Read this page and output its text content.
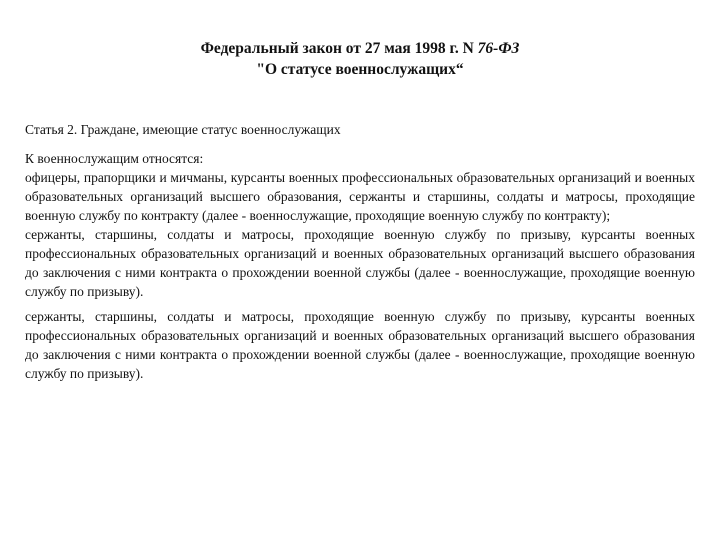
Федеральный закон от 27 мая 1998 г. N 76-ФЗ
"О статусе военнослужащих“
Статья 2. Граждане, имеющие статус военнослужащих

К военнослужащим относятся:

офицеры, прапорщики и мичманы, курсанты военных профессиональных образовательных организаций и военных образовательных организаций высшего образования, сержанты и старшины, солдаты и матросы, проходящие военную службу по контракту (далее - военнослужащие, проходящие военную службу по контракту);

сержанты, старшины, солдаты и матросы, проходящие военную службу по призыву, курсанты военных профессиональных образовательных организаций и военных образовательных организаций высшего образования до заключения с ними контракта о прохождении военной службы (далее - военнослужащие, проходящие военную службу по призыву).

сержанты, старшины, солдаты и матросы, проходящие военную службу по призыву, курсанты военных профессиональных образовательных организаций и военных образовательных организаций высшего образования до заключения с ними контракта о прохождении военной службы (далее - военнослужащие, проходящие военную службу по призыву).
